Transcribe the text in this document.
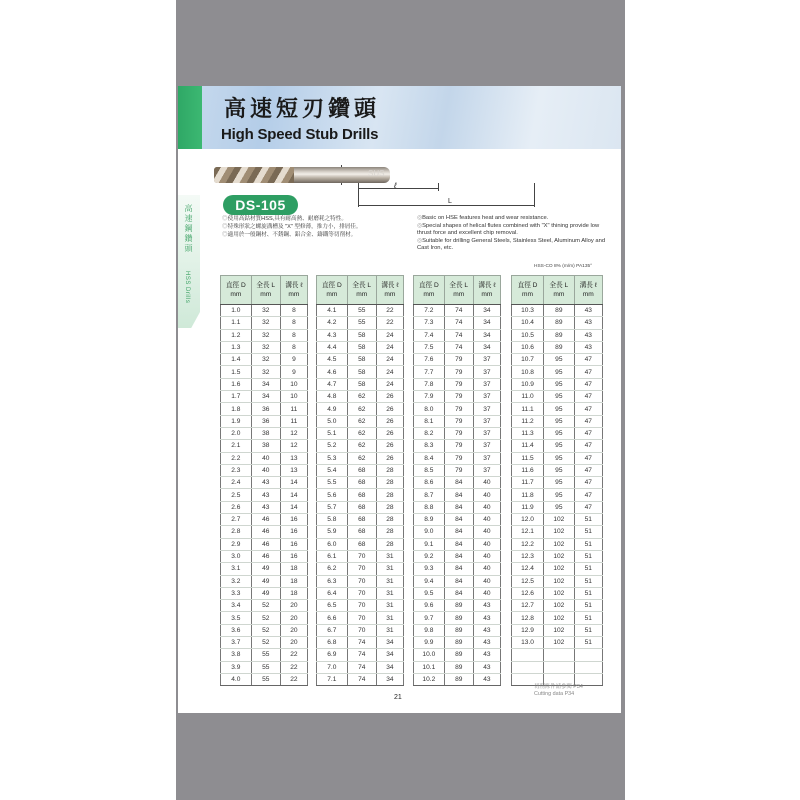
高速短刃鑽頭
High Speed Stub Drills
SUS
ℓ
L
DS-105
高速鋼鑽頭
HSS Drills
◎使用高鈷材質HSS,具有耐高熱、耐磨耗之特性。
◎特殊形狀之螺旋溝槽及 "X" 型修薄，推力小，排屑佳。
◎適用於一般鋼材、不銹鋼、鋁合金、鑄鐵等切削材。
◎Basic on HSE features heat and wear resistance.
◎Special shapes of helical flutes combined with "X" thining provide low thrust force and excellent chip removal.
◎Suitable for drilling General Steels, Stainless Steel, Aluminum Alloy and Cast Iron, etc.
HSS-CO 8% (m/m) PA135°
直徑 D
mm

全長 L
mm

溝長 ℓ
mm

1.0	32	8
1.1	32	8
1.2	32	8
1.3	32	8
1.4	32	9
1.5	32	9
1.6	34	10
1.7	34	10
1.8	36	11
1.9	36	11
2.0	38	12
2.1	38	12
2.2	40	13
2.3	40	13
2.4	43	14
2.5	43	14
2.6	43	14
2.7	46	16
2.8	46	16
2.9	46	16
3.0	46	16
3.1	49	18
3.2	49	18
3.3	49	18
3.4	52	20
3.5	52	20
3.6	52	20
3.7	52	20
3.8	55	22
3.9	55	22
4.0	55	22
直徑 D
mm

全長 L
mm

溝長 ℓ
mm

4.1	55	22
4.2	55	22
4.3	58	24
4.4	58	24
4.5	58	24
4.6	58	24
4.7	58	24
4.8	62	26
4.9	62	26
5.0	62	26
5.1	62	26
5.2	62	26
5.3	62	26
5.4	68	28
5.5	68	28
5.6	68	28
5.7	68	28
5.8	68	28
5.9	68	28
6.0	68	28
6.1	70	31
6.2	70	31
6.3	70	31
6.4	70	31
6.5	70	31
6.6	70	31
6.7	70	31
6.8	74	34
6.9	74	34
7.0	74	34
7.1	74	34
直徑 D
mm

全長 L
mm

溝長 ℓ
mm

7.2	74	34
7.3	74	34
7.4	74	34
7.5	74	34
7.6	79	37
7.7	79	37
7.8	79	37
7.9	79	37
8.0	79	37
8.1	79	37
8.2	79	37
8.3	79	37
8.4	79	37
8.5	79	37
8.6	84	40
8.7	84	40
8.8	84	40
8.9	84	40
9.0	84	40
9.1	84	40
9.2	84	40
9.3	84	40
9.4	84	40
9.5	84	40
9.6	89	43
9.7	89	43
9.8	89	43
9.9	89	43
10.0	89	43
10.1	89	43
10.2	89	43
直徑 D
mm

全長 L
mm

溝長 ℓ
mm

10.3	89	43
10.4	89	43
10.5	89	43
10.6	89	43
10.7	95	47
10.8	95	47
10.9	95	47
11.0	95	47
11.1	95	47
11.2	95	47
11.3	95	47
11.4	95	47
11.5	95	47
11.6	95	47
11.7	95	47
11.8	95	47
11.9	95	47
12.0	102	51
12.1	102	51
12.2	102	51
12.3	102	51
12.4	102	51
12.5	102	51
12.6	102	51
12.7	102	51
12.8	102	51
12.9	102	51
13.0	102	51

切削條件請參閱 P34
Cutting data P34
21
